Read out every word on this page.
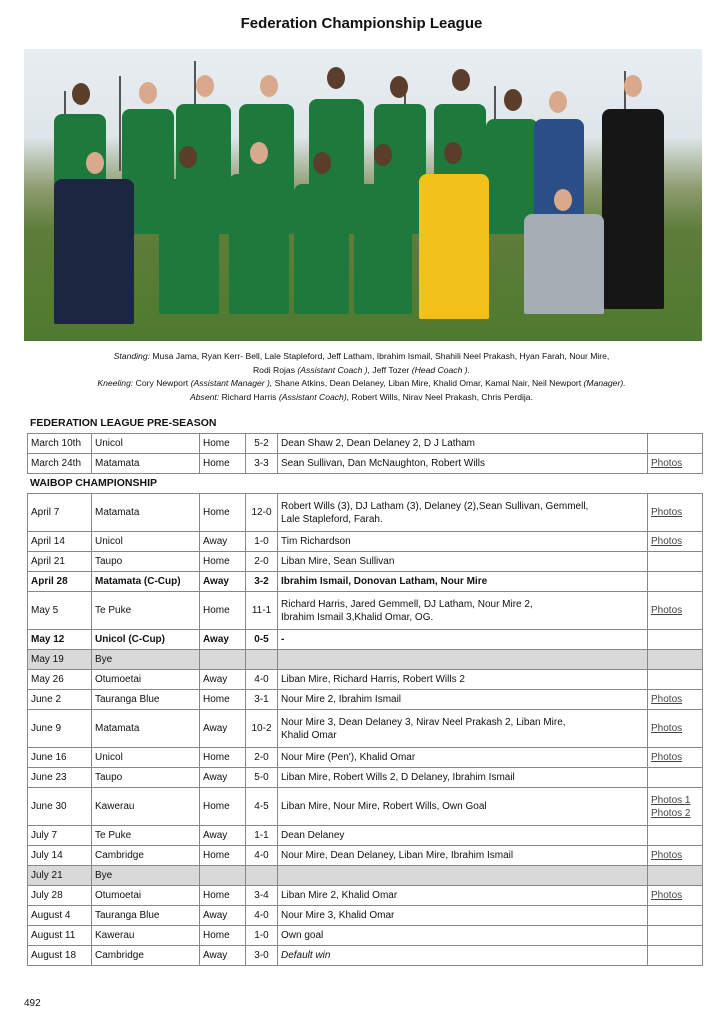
Federation Championship League
Standing: Musa Jama, Ryan Kerr- Bell, Lale Stapleford, Jeff Latham, Ibrahim Ismail, Shahili Neel Prakash, Hyan Farah, Nour Mire,
Rodi Rojas (Assistant Coach ), Jeff Tozer (Head Coach ).
Kneeling: Cory Newport (Assistant Manager ), Shane Atkins, Dean Delaney, Liban Mire, Khalid Omar, Kamal Nair, Neil Newport (Manager).
Absent: Richard Harris (Assistant Coach), Robert Wills, Nirav Neel Prakash, Chris Perdija.
FEDERATION LEAGUE PRE-SEASON
March 10th	Unicol	Home	5-2	Dean Shaw 2, Dean Delaney 2, D J Latham	

March 24th	Matamata	Home	3-3	Sean Sullivan, Dan McNaughton, Robert Wills	Photos
WAIBOP CHAMPIONSHIP
April 7	Matamata	Home	12-0	Robert Wills (3), DJ Latham (3), Delaney (2),Sean Sullivan, Gemmell,
Lale Stapleford, Farah.	Photos

April 14	Unicol	Away	1-0	Tim Richardson	Photos

April 21	Taupo	Home	2-0	Liban Mire, Sean Sullivan	

April 28	Matamata (C-Cup)	Away	3-2	Ibrahim Ismail, Donovan Latham, Nour Mire	

May 5	Te Puke	Home	11-1	Richard Harris, Jared Gemmell, DJ Latham, Nour Mire 2,
Ibrahim Ismail 3,Khalid Omar, OG.	Photos

May 12	Unicol (C-Cup)	Away	0-5	-	

May 19	Bye			

May 26	Otumoetai	Away	4-0	Liban Mire, Richard Harris, Robert Wills 2	

June 2	Tauranga Blue	Home	3-1	Nour Mire 2, Ibrahim Ismail	Photos

June 9	Matamata	Away	10-2	Nour Mire 3, Dean Delaney 3, Nirav Neel Prakash 2, Liban Mire,
Khalid Omar	Photos

June 16	Unicol	Home	2-0	Nour Mire (Pen'), Khalid Omar	Photos

June 23	Taupo	Away	5-0	Liban Mire, Robert Wills 2, D Delaney, Ibrahim Ismail	

June 30	Kawerau	Home	4-5	Liban Mire, Nour Mire, Robert Wills, Own Goal	Photos 1
Photos 2

July 7	Te Puke	Away	1-1	Dean Delaney	

July 14	Cambridge	Home	4-0	Nour Mire, Dean Delaney, Liban Mire, Ibrahim Ismail	Photos

July 21	Bye			

July 28	Otumoetai	Home	3-4	Liban Mire 2, Khalid Omar	Photos

August 4	Tauranga Blue	Away	4-0	Nour Mire 3, Khalid Omar	

August 11	Kawerau	Home	1-0	Own goal	

August 18	Cambridge	Away	3-0	Default win	

492
